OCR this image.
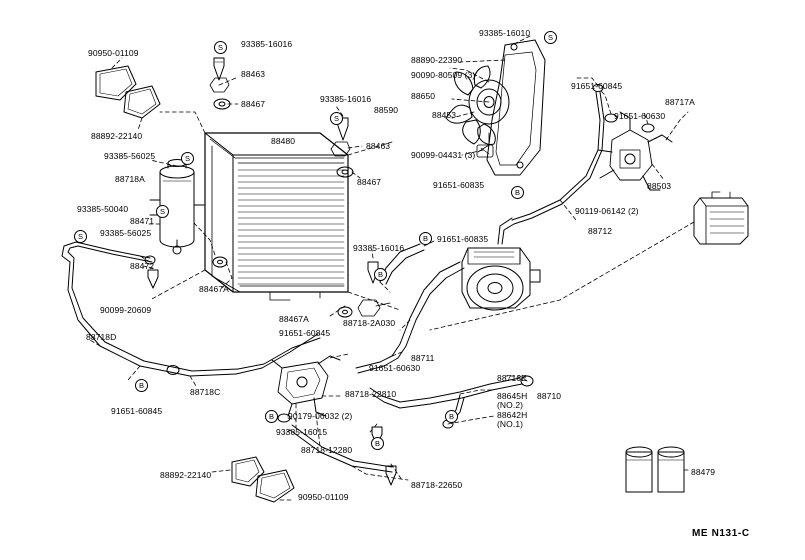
90950-01109
93385-16016
88463
88467
88892-22140
93385-56025
88718A
93385-50040
88471
93385-56025
88472
90099-20609
88718D
88718C
91651-60845
88892-22140
90950-01109
88480
88467
88463
93385-16016
93385-16016
88467A
88467A
91651-60845
88718-2A030
91651-60835
88711
88890-22390
90090-80509 (3)
88650
88590	88453
90099-04431 (3)
93385-16010
91651-60845
91651-60630
88717A
88503
90119-06142 (2)
88712
91651-60835
91651-60630
88718-22810
90179-06032 (2)
93385-16015
88718-12280
88718-22650
88716E
88710
88645H
(NO.2)
88642H
(NO.1)
88479
S
S
S
S
S
S	B
B
B
B
B
B
B
ME N131-C
